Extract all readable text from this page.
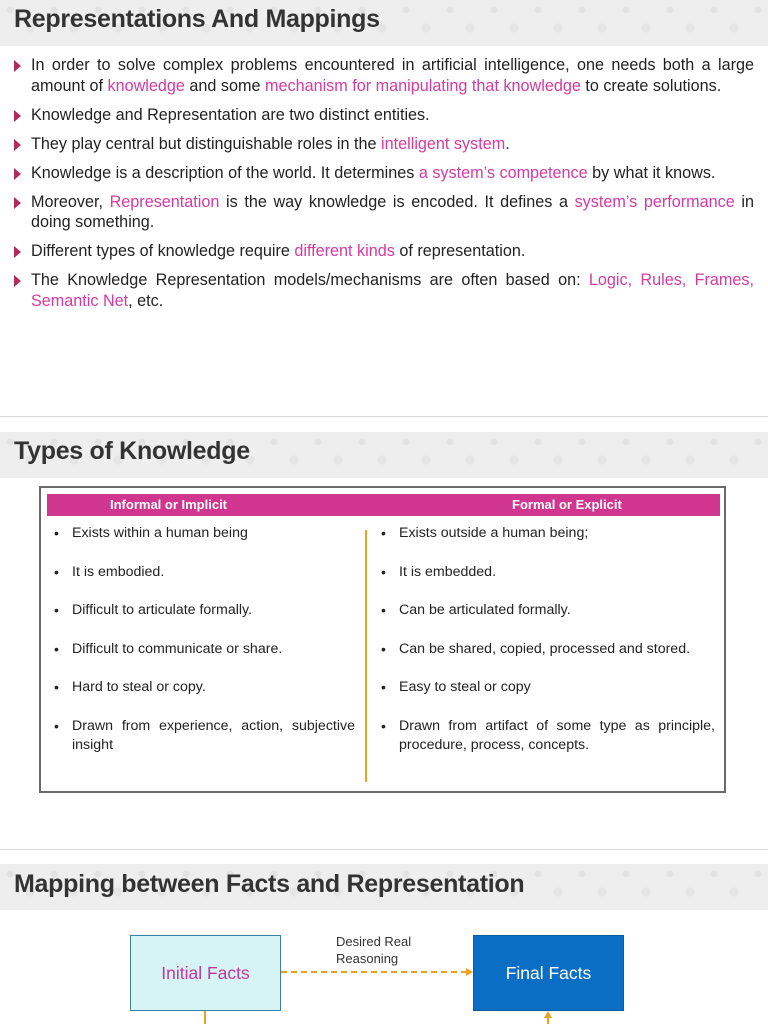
Representations And Mappings
In order to solve complex problems encountered in artificial intelligence, one needs both a large amount of knowledge and some mechanism for manipulating that knowledge to create solutions.
Knowledge and Representation are two distinct entities.
They play central but distinguishable roles in the intelligent system.
Knowledge is a description of the world. It determines a system’s competence by what it knows.
Moreover, Representation is the way knowledge is encoded. It defines a system’s performance in doing something.
Different types of knowledge require different kinds of representation.
The Knowledge Representation models/mechanisms are often based on: Logic, Rules, Frames, Semantic Net, etc.
Types of Knowledge
Informal or Implicit	Formal or Explicit
• Exists within a human being
• It is embodied.
• Difficult to articulate formally.
• Difficult to communicate or share.
• Hard to steal or copy.
• Drawn from experience, action, subjective insight
• Exists outside a human being;
• It is embedded.
• Can be articulated formally.
• Can be shared, copied, processed and stored.
• Easy to steal or copy
• Drawn from artifact of some type as principle, procedure, process, concepts.
Mapping between Facts and Representation
Initial Facts
Desired Real Reasoning
Final Facts
